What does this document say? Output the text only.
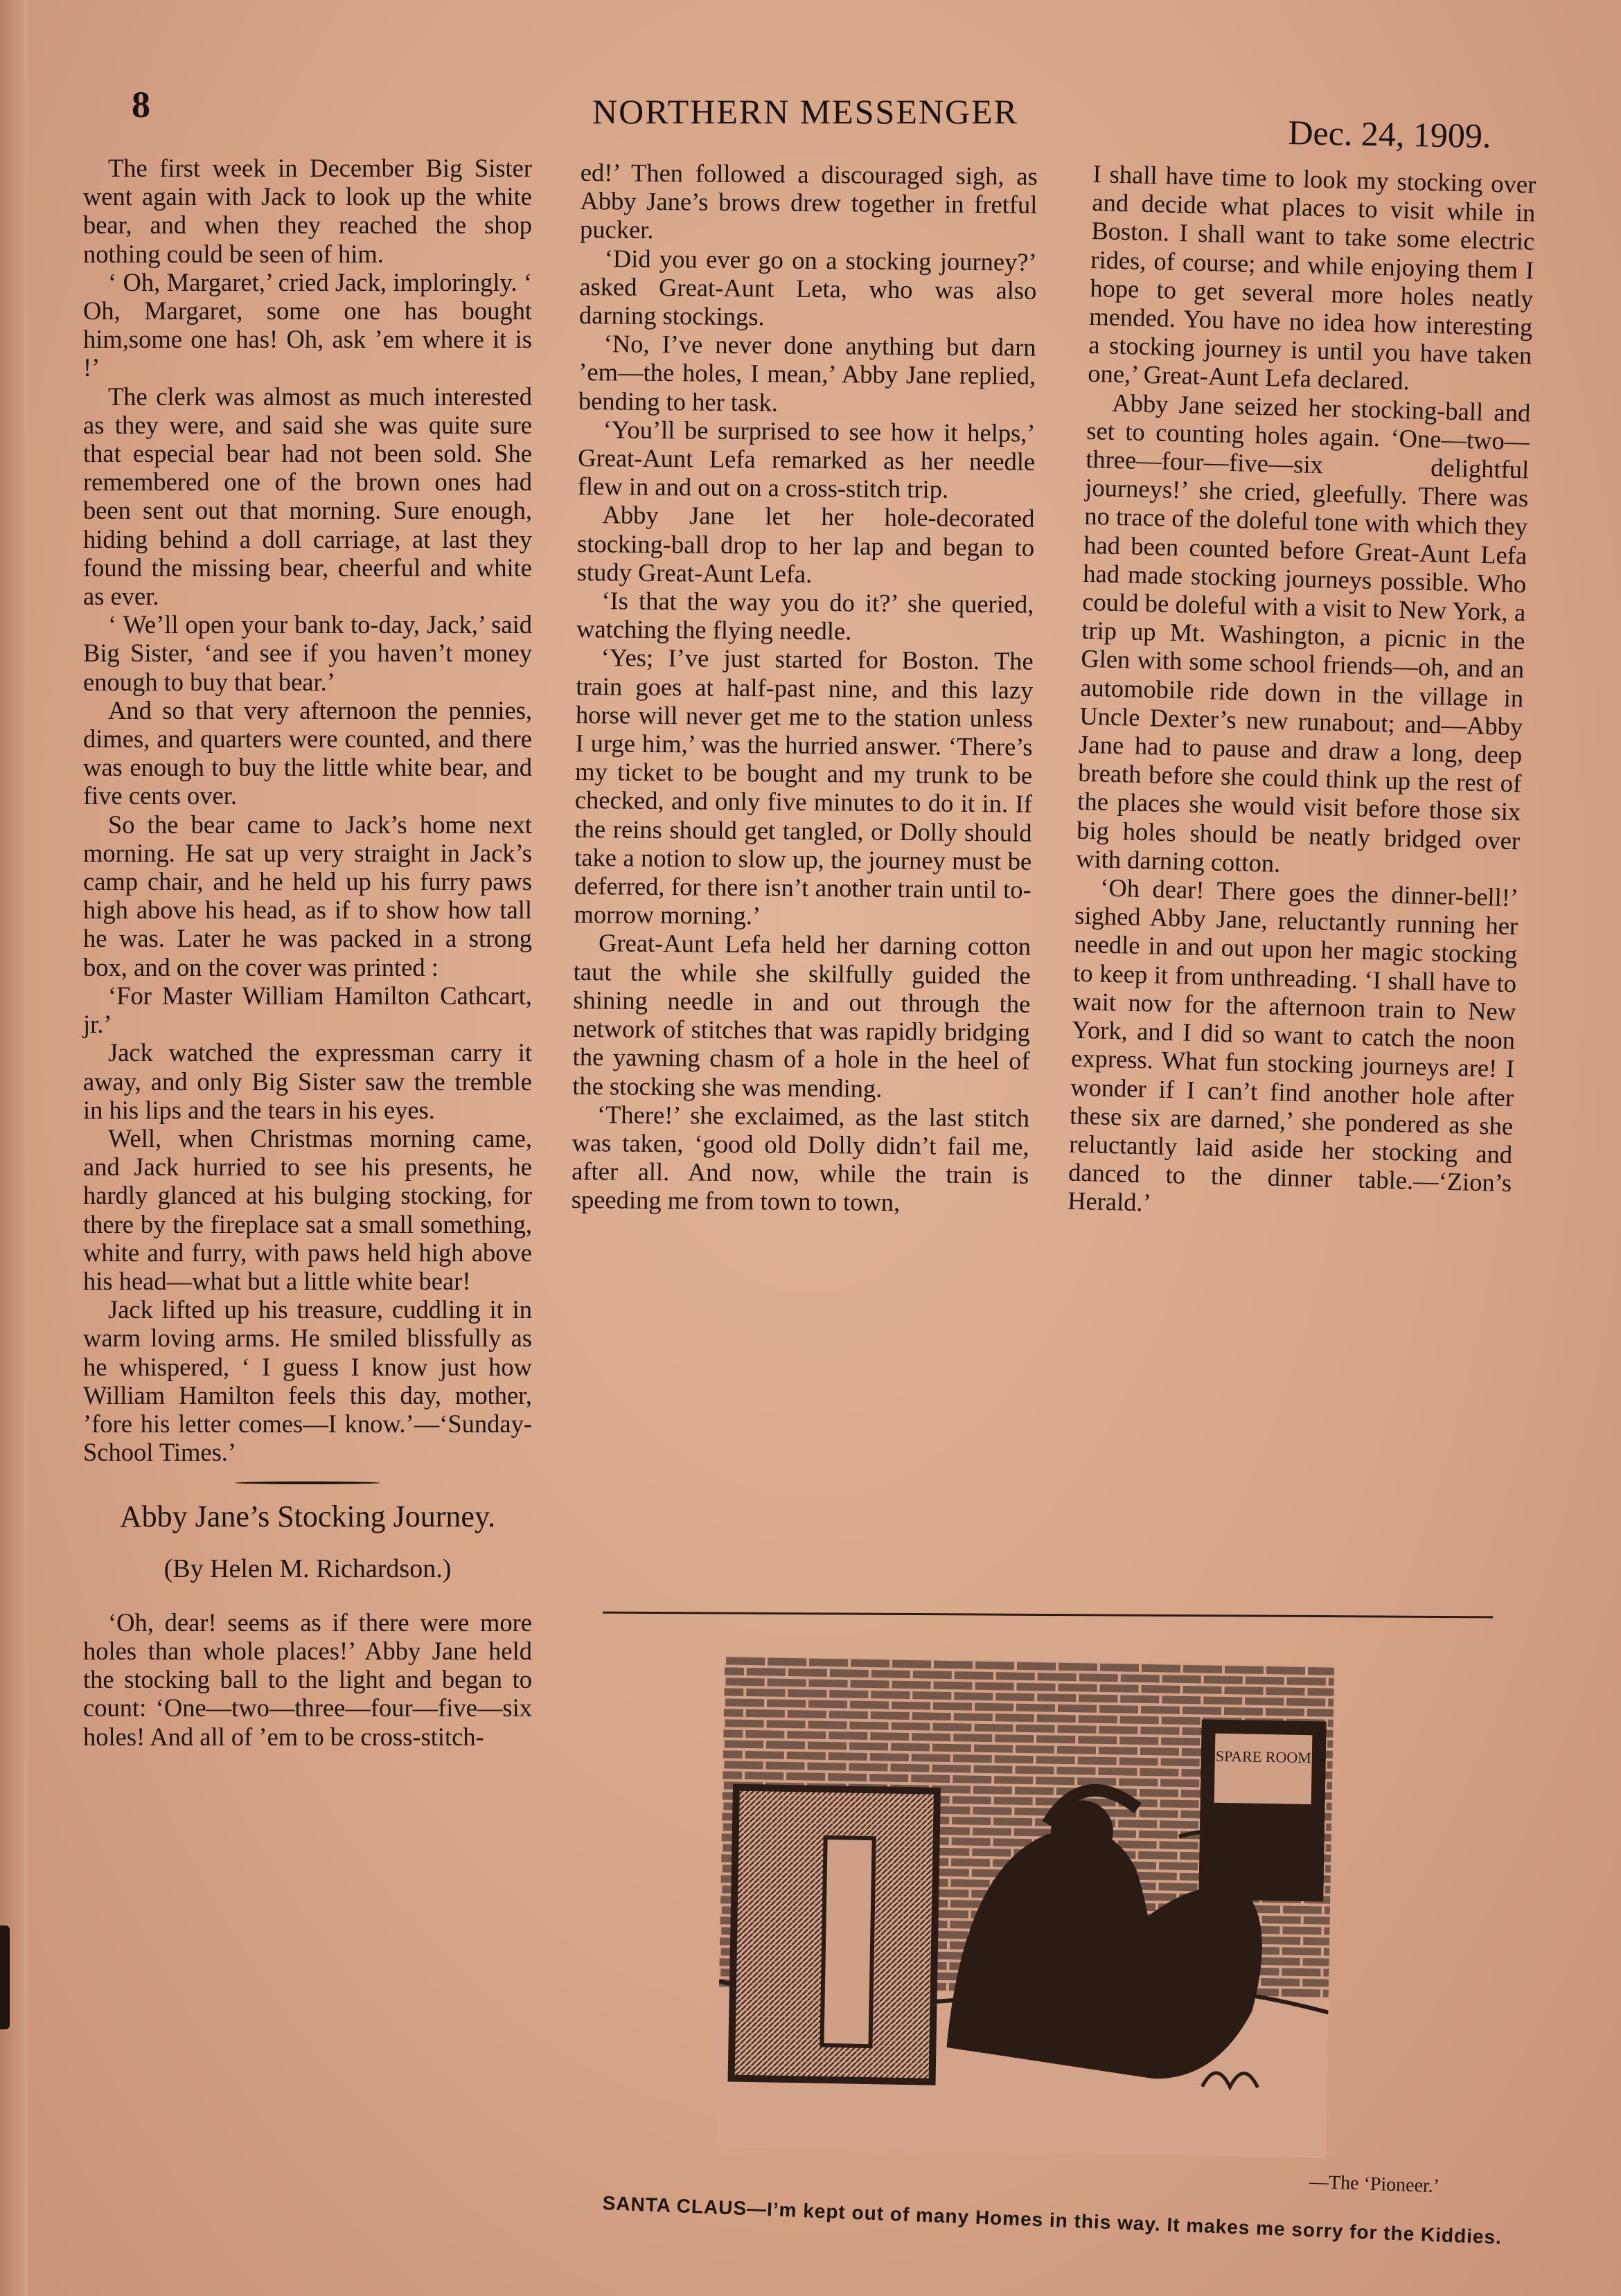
8	NORTHERN MESSENGER
Dec. 24, 1909.

The first week in December Big Sister went again with Jack to look up the white bear, and when they reached the shop nothing could be seen of him.

‘ Oh, Margaret,’ cried Jack, imploringly. ‘ Oh, Margaret, some one has bought him,some one has! Oh, ask ’em where it is !’

The clerk was almost as much interested as they were, and said she was quite sure that especial bear had not been sold. She remembered one of the brown ones had been sent out that morning. Sure enough, hiding behind a doll carriage, at last they found the missing bear, cheerful and white as ever.

‘ We’ll open your bank to-day, Jack,’ said Big Sister, ‘and see if you haven’t money enough to buy that bear.’

And so that very afternoon the pennies, dimes, and quarters were counted, and there was enough to buy the little white bear, and five cents over.

So the bear came to Jack’s home next morning. He sat up very straight in Jack’s camp chair, and he held up his furry paws high above his head, as if to show how tall he was. Later he was packed in a strong box, and on the cover was printed :

‘For Master William Hamilton Cathcart, jr.’

Jack watched the expressman carry it away, and only Big Sister saw the tremble in his lips and the tears in his eyes.

Well, when Christmas morning came, and Jack hurried to see his presents, he hardly glanced at his bulging stocking, for there by the fireplace sat a small something, white and furry, with paws held high above his head—what but a little white bear!

Jack lifted up his treasure, cuddling it in warm loving arms. He smiled blissfully as he whispered, ‘ I guess I know just how William Hamilton feels this day, mother, ’fore his letter comes—I know.’—‘Sunday-School Times.’

Abby Jane’s Stocking Journey.

(By Helen M. Richardson.)

‘Oh, dear! seems as if there were more holes than whole places!’ Abby Jane held the stocking ball to the light and began to count: ‘One—two—three—four—five—six holes! And all of ’em to be cross-stitch-

ed!’ Then followed a discouraged sigh, as Abby Jane’s brows drew together in fretful pucker.

‘Did you ever go on a stocking journey?’ asked Great-Aunt Leta, who was also darning stockings.

‘No, I’ve never done anything but darn ’em—the holes, I mean,’ Abby Jane replied, bending to her task.

‘You’ll be surprised to see how it helps,’ Great-Aunt Lefa remarked as her needle flew in and out on a cross-stitch trip.

Abby Jane let her hole-decorated stocking-ball drop to her lap and began to study Great-Aunt Lefa.

‘Is that the way you do it?’ she queried, watching the flying needle.

‘Yes; I’ve just started for Boston. The train goes at half-past nine, and this lazy horse will never get me to the station unless I urge him,’ was the hurried answer. ‘There’s my ticket to be bought and my trunk to be checked, and only five minutes to do it in. If the reins should get tangled, or Dolly should take a notion to slow up, the journey must be deferred, for there isn’t another train until to-morrow morning.’

Great-Aunt Lefa held her darning cotton taut the while she skilfully guided the shining needle in and out through the network of stitches that was rapidly bridging the yawning chasm of a hole in the heel of the stocking she was mending.

‘There!’ she exclaimed, as the last stitch was taken, ‘good old Dolly didn’t fail me, after all. And now, while the train is speeding me from town to town,

I shall have time to look my stocking over and decide what places to visit while in Boston. I shall want to take some electric rides, of course; and while enjoying them I hope to get several more holes neatly mended. You have no idea how interesting a stocking journey is until you have taken one,’ Great-Aunt Lefa declared.

Abby Jane seized her stocking-ball and set to counting holes again. ‘One—two—three—four—five—six delightful journeys!’ she cried, gleefully. There was no trace of the doleful tone with which they had been counted before Great-Aunt Lefa had made stocking journeys possible. Who could be doleful with a visit to New York, a trip up Mt. Washington, a picnic in the Glen with some school friends—oh, and an automobile ride down in the village in Uncle Dexter’s new runabout; and—Abby Jane had to pause and draw a long, deep breath before she could think up the rest of the places she would visit before those six big holes should be neatly bridged over with darning cotton.

‘Oh dear! There goes the dinner-bell!’ sighed Abby Jane, reluctantly running her needle in and out upon her magic stocking to keep it from unthreading. ‘I shall have to wait now for the afternoon train to New York, and I did so want to catch the noon express. What fun stocking journeys are! I wonder if I can’t find another hole after these six are darned,’ she pondered as she reluctantly laid aside her stocking and danced to the dinner table.—‘Zion’s Herald.’

SPARE ROOM
—The ‘Pioneer.’
SANTA CLAUS—I’m kept out of many Homes in this way. It makes me sorry for the Kiddies.
